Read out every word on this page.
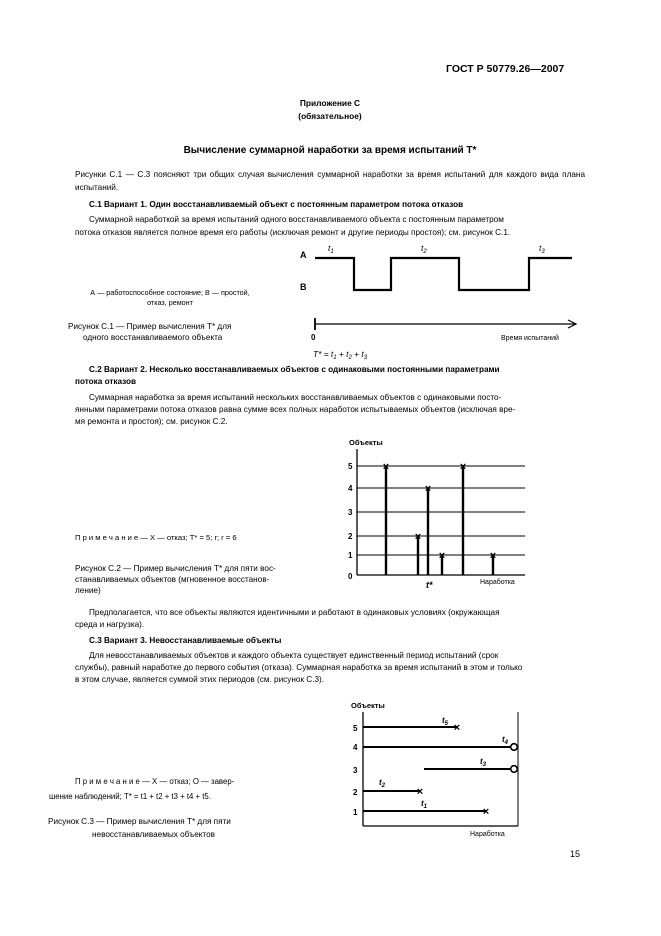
ГОСТ Р 50779.26—2007
Приложение С
(обязательное)
Вычисление суммарной наработки за время испытаний T*
Рисунки С.1 — С.3 поясняют три общих случая вычисления суммарной наработки за время испытаний для каждого вида плана испытаний.
С.1 Вариант 1. Один восстанавливаемый объект с постоянным параметром потока отказов
Суммарной наработкой за время испытаний одного восстанавливаемого объекта с постоянным параметром
потока отказов является полное время его работы (исключая ремонт и другие периоды простоя); см. рисунок С.1.
А — работоспособное состояние; В — простой,
отказ, ремонт
Рисунок С.1 — Пример вычисления T* для
одного восстанавливаемого объекта
A
B
$t_1$	$t_2$	$t_3$
0	Время испытаний
$T* = t_1 + t_2 + t_3$
С.2 Вариант 2. Несколько восстанавливаемых объектов с одинаковыми постоянными параметрами
потока отказов
Суммарная наработка за время испытаний нескольких восстанавливаемых объектов с одинаковыми посто-
янными параметрами потока отказов равна сумме всех полных наработок испытываемых объектов (исключая вре-
мя ремонта и простоя); см. рисунок С.2.
П р и м е ч а н и е — Х — отказ; T* = 5; r; r = 6
Рисунок С.2 — Пример вычисления T* для пяти вос-
станавливаемых объектов (мгновенное восстанов-
ление)
Объекты
5
4
3
2
1
0
×
×
×
×
×
×
t*	Наработка
Предполагается, что все объекты являются идентичными и работают в одинаковых условиях (окружающая
среда и нагрузка).
С.3 Вариант 3. Невосстанавливаемые объекты
Для невосстанавливаемых объектов и каждого объекта существует единственный период испытаний (срок
службы), равный наработке до первого события (отказа). Суммарная наработка за время испытаний в этом и только
в этом случае, является суммой этих периодов (см. рисунок С.3).
П р и м е ч а н и е — Х — отказ; О — завер-
шение наблюдений; T* = t1 + t2 + t3 + t4 + t5.
Рисунок С.3 — Пример вычисления T* для пяти
невосстанавливаемых объектов
Объекты
5
4
3
2
1
×
×
×
$t_5$
$t_4$
$t_3$
$t_2$
$t_1$
Наработка
15
